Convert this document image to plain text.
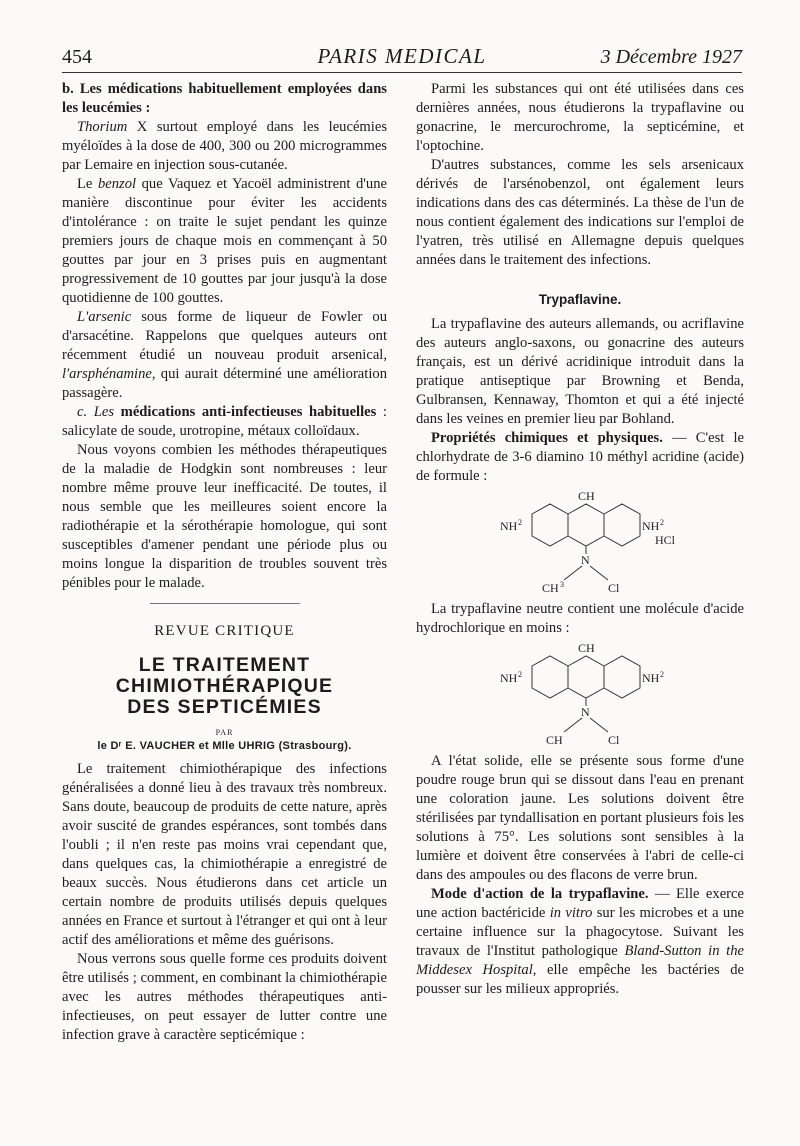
454	PARIS MEDICAL	3 Décembre 1927

b. Les médications habituellement employées dans les leucémies :

Thorium X surtout employé dans les leucémies myéloïdes à la dose de 400, 300 ou 200 microgrammes par Lemaire en injection sous-cutanée.

Le benzol que Vaquez et Yacoël administrent d'une manière discontinue pour éviter les accidents d'intolérance : on traite le sujet pendant les quinze premiers jours de chaque mois en commençant à 50 gouttes par jour en 3 prises puis en augmentant progressivement de 10 gouttes par jour jusqu'à la dose quotidienne de 100 gouttes.

L'arsenic sous forme de liqueur de Fowler ou d'arsacétine. Rappelons que quelques auteurs ont récemment étudié un nouveau produit arsenical, l'arsphénamine, qui aurait déterminé une amélioration passagère.

c. Les médications anti-infectieuses habituelles : salicylate de soude, urotropine, métaux colloïdaux.

Nous voyons combien les méthodes thérapeutiques de la maladie de Hodgkin sont nombreuses : leur nombre même prouve leur inefficacité. De toutes, il nous semble que les meilleures soient encore la radiothérapie et la sérothérapie homologue, qui sont susceptibles d'amener pendant une période plus ou moins longue la disparition de troubles souvent très pénibles pour le malade.

REVUE CRITIQUE

LE TRAITEMENT

CHIMIOTHÉRAPIQUE

DES SEPTICÉMIES

PAR

le Dʳ E. VAUCHER et Mlle UHRIG (Strasbourg).

Le traitement chimiothérapique des infections généralisées a donné lieu à des travaux très nombreux. Sans doute, beaucoup de produits de cette nature, après avoir suscité de grandes espérances, sont tombés dans l'oubli ; il n'en reste pas moins vrai cependant que, dans quelques cas, la chimiothérapie a enregistré de beaux succès. Nous étudierons dans cet article un certain nombre de produits utilisés depuis quelques années en France et surtout à l'étranger et qui ont à leur actif des améliorations et même des guérisons.

Nous verrons sous quelle forme ces produits doivent être utilisés ; comment, en combinant la chimiothérapie avec les autres méthodes thérapeutiques anti-infectieuses, on peut essayer de lutter contre une infection grave à caractère septicémique :

Parmi les substances qui ont été utilisées dans ces dernières années, nous étudierons la trypaflavine ou gonacrine, le mercurochrome, la septicémine, et l'optochine.

D'autres substances, comme les sels arsenicaux dérivés de l'arsénobenzol, ont également leurs indications dans des cas déterminés. La thèse de l'un de nous contient également des indications sur l'emploi de l'yatren, très utilisé en Allemagne depuis quelques années dans le traitement des infections.

Trypaflavine.

La trypaflavine des auteurs allemands, ou acriflavine des auteurs anglo-saxons, ou gonacrine des auteurs français, est un dérivé acridinique introduit dans la pratique antiseptique par Browning et Benda, Gulbransen, Kennaway, Thomton et qui a été injecté dans les veines en premier lieu par Bohland.

Propriétés chimiques et physiques. — C'est le chlorhydrate de 3-6 diamino 10 méthyl acridine (acide) de formule :

CH
NH 2	NH 2
HCl
N
CH 3	Cl

La trypaflavine neutre contient une molécule d'acide hydrochlorique en moins :

CH
NH 2	NH 2
N
CH	Cl

A l'état solide, elle se présente sous forme d'une poudre rouge brun qui se dissout dans l'eau en prenant une coloration jaune. Les solutions doivent être stérilisées par tyndallisation en portant plusieurs fois les solutions à 75°. Les solutions sont sensibles à la lumière et doivent être conservées à l'abri de celle-ci dans des ampoules ou des flacons de verre brun.

Mode d'action de la trypaflavine. — Elle exerce une action bactéricide in vitro sur les microbes et a une certaine influence sur la phagocytose. Suivant les travaux de l'Institut pathologique Bland-Sutton in the Middesex Hospital, elle empêche les bactéries de pousser sur les milieux appropriés.
